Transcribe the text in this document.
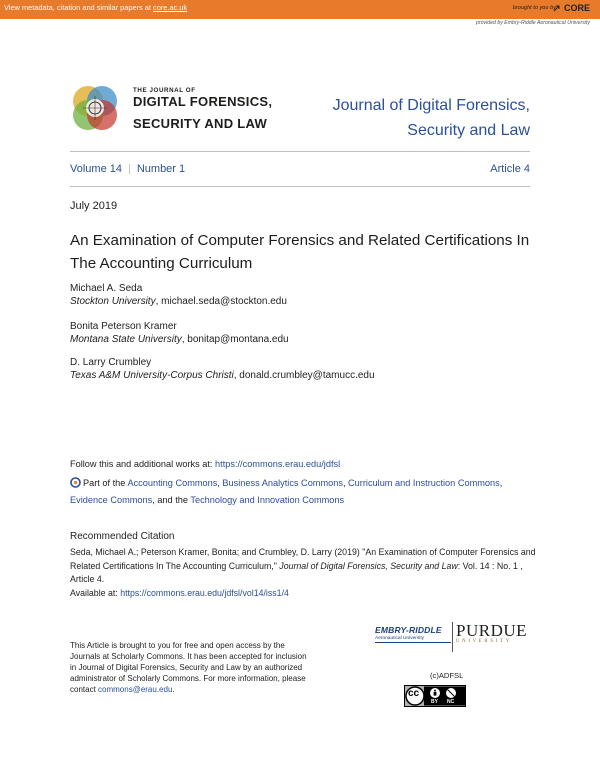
View metadata, citation and similar papers at core.ac.uk	brought to you by CORE
provided by Embry-Riddle Aeronautical University
THE JOURNAL OF
DIGITAL FORENSICS,
SECURITY AND LAW
Journal of Digital Forensics,
Security and Law
Volume 14 | Number 1	Article 4
July 2019
An Examination of Computer Forensics and Related Certifications In The Accounting Curriculum
Michael A. Seda
Stockton University, michael.seda@stockton.edu
Bonita Peterson Kramer
Montana State University, bonitap@montana.edu
D. Larry Crumbley
Texas A&M University-Corpus Christi, donald.crumbley@tamucc.edu
Follow this and additional works at: https://commons.erau.edu/jdfsl
Part of the Accounting Commons, Business Analytics Commons, Curriculum and Instruction Commons, Evidence Commons, and the Technology and Innovation Commons
Recommended Citation
Seda, Michael A.; Peterson Kramer, Bonita; and Crumbley, D. Larry (2019) "An Examination of Computer Forensics and Related Certifications In The Accounting Curriculum," Journal of Digital Forensics, Security and Law: Vol. 14 : No. 1 , Article 4.
Available at: https://commons.erau.edu/jdfsl/vol14/iss1/4
This Article is brought to you for free and open access by the Journals at Scholarly Commons. It has been accepted for inclusion in Journal of Digital Forensics, Security and Law by an authorized administrator of Scholarly Commons. For more information, please contact commons@erau.edu.
EMBRY-RIDDLE
Aeronautical University	PURDUE
UNIVERSITY
(c)ADFSL
cc
BY NC
